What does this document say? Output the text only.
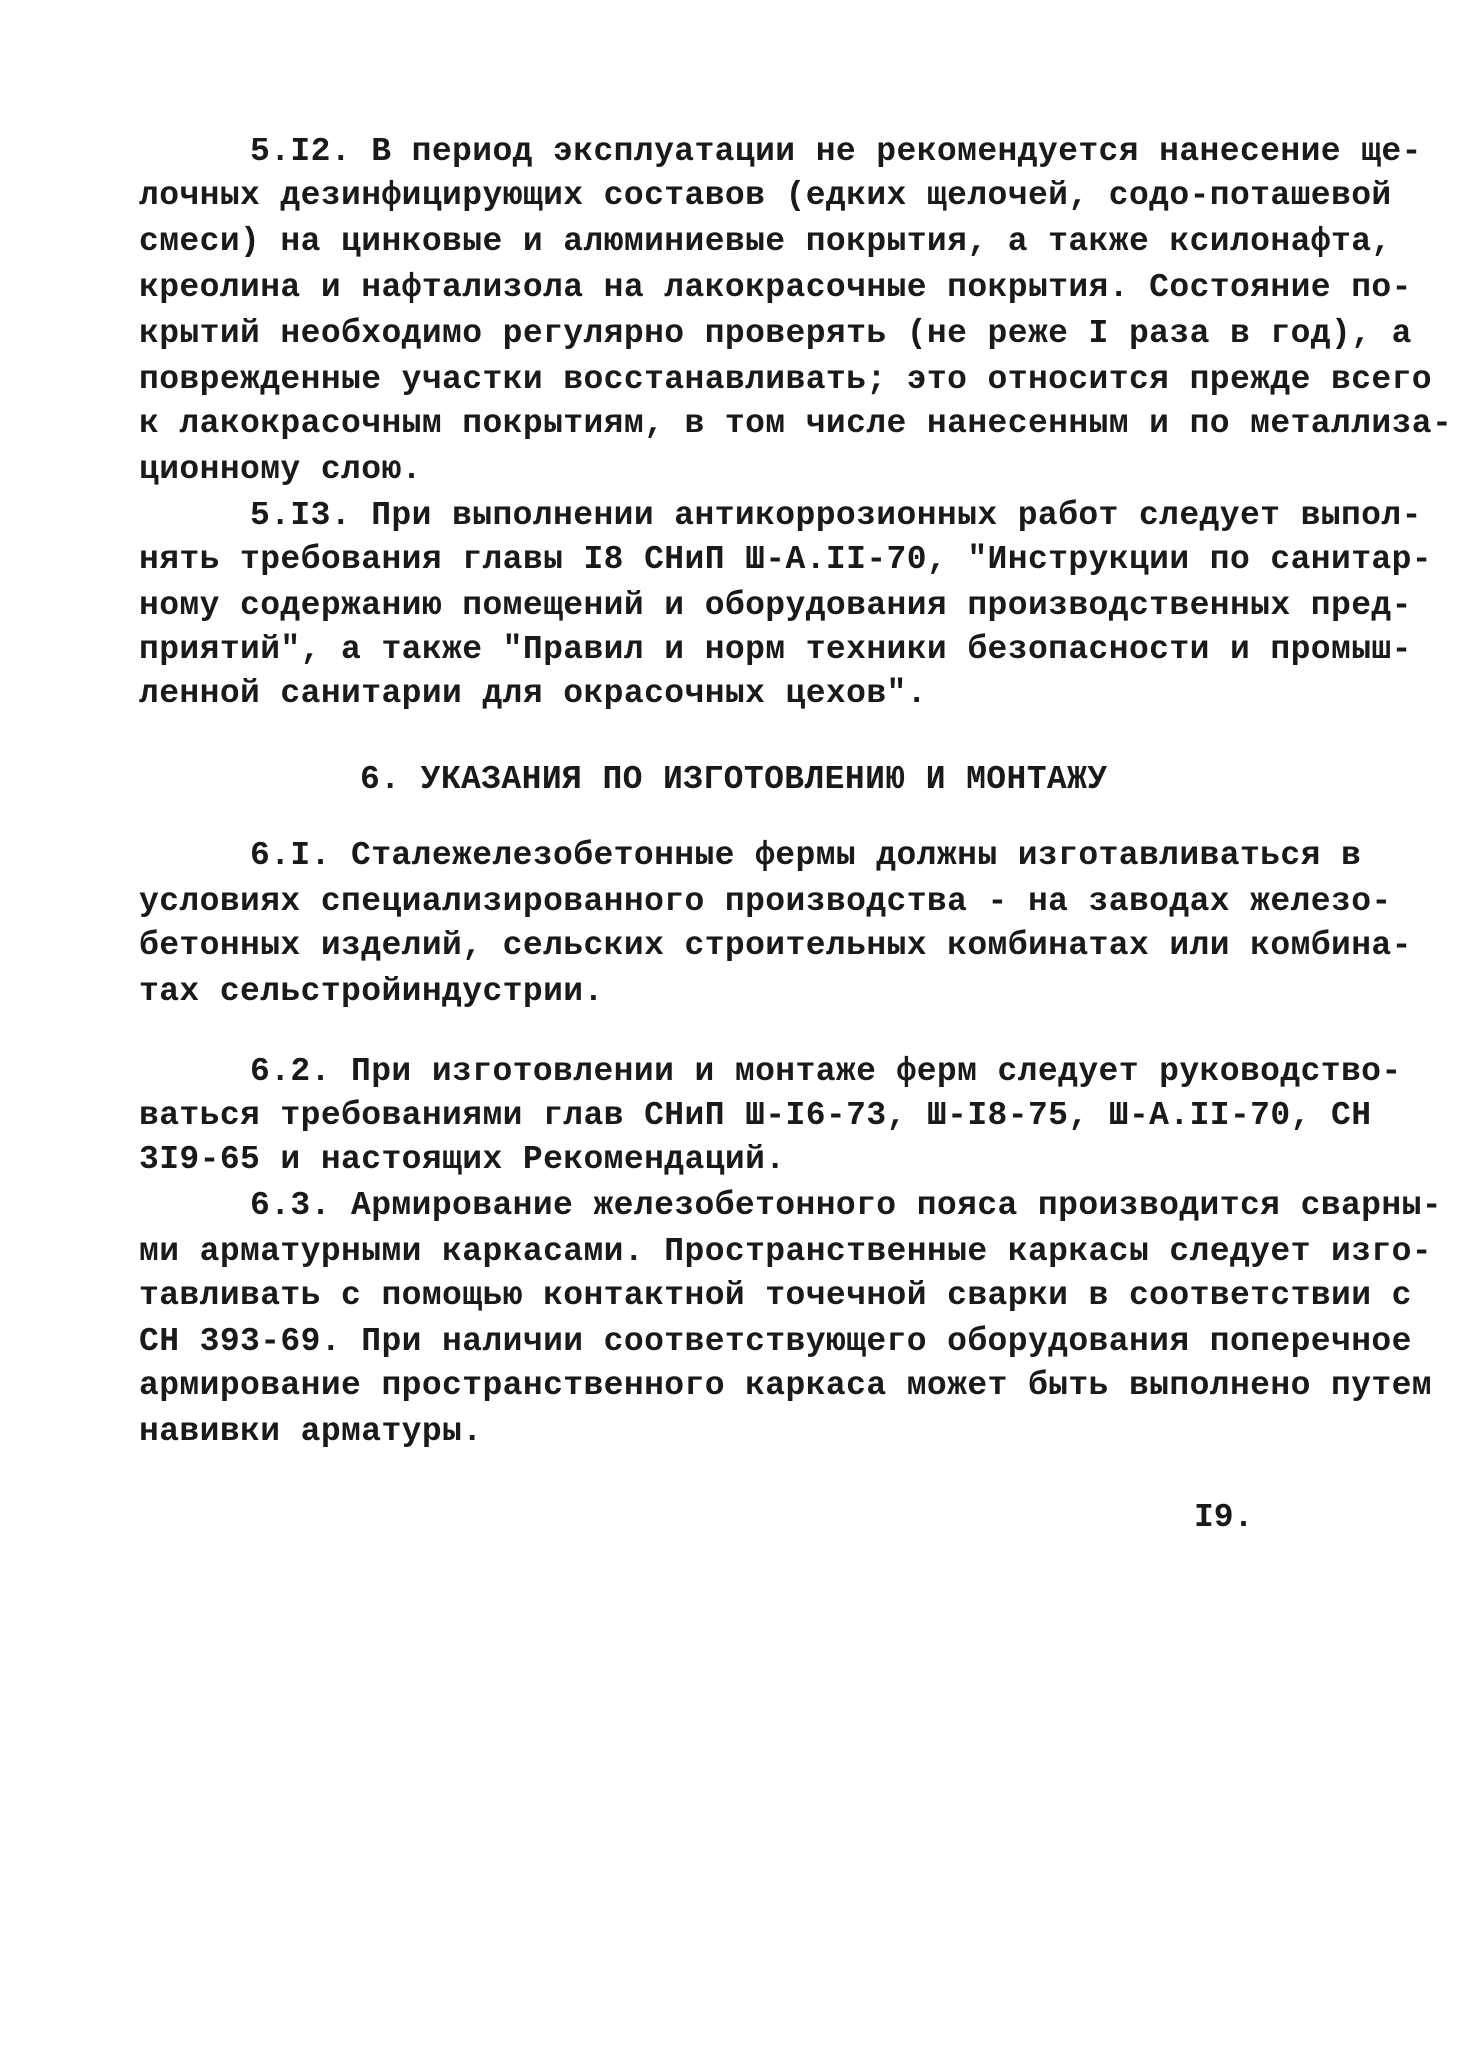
5.I2. В период эксплуатации не рекомендуется нанесение ще-
лочных дезинфицирующих составов (едких щелочей, содо-поташевой
смеси) на цинковые и алюминиевые покрытия, а также ксилонафта,
креолина и нафтализола на лакокрасочные покрытия. Состояние по-
крытий необходимо регулярно проверять (не реже I раза в год), а
поврежденные участки восстанавливать; это относится прежде всего
к лакокрасочным покрытиям, в том числе нанесенным и по металлиза-
ционному слою.
5.I3. При выполнении антикоррозионных работ следует выпол-
нять требования главы I8 СНиП Ш-А.II-70, "Инструкции по санитар-
ному содержанию помещений и оборудования производственных пред-
приятий", а также "Правил и норм техники безопасности и промыш-
ленной санитарии для окрасочных цехов".
6. УКАЗАНИЯ ПО ИЗГОТОВЛЕНИЮ И МОНТАЖУ
6.I. Сталежелезобетонные фермы должны изготавливаться в
условиях специализированного производства - на заводах железо-
бетонных изделий, сельских строительных комбинатах или комбина-
тах сельстройиндустрии.
6.2. При изготовлении и монтаже ферм следует руководство-
ваться требованиями глав СНиП Ш-I6-73, Ш-I8-75, Ш-А.II-70, СН
3I9-65 и настоящих Рекомендаций.
6.3. Армирование железобетонного пояса производится сварны-
ми арматурными каркасами. Пространственные каркасы следует изго-
тавливать с помощью контактной точечной сварки в соответствии с
СН 393-69. При наличии соответствующего оборудования поперечное
армирование пространственного каркаса может быть выполнено путем
навивки арматуры.
I9.
